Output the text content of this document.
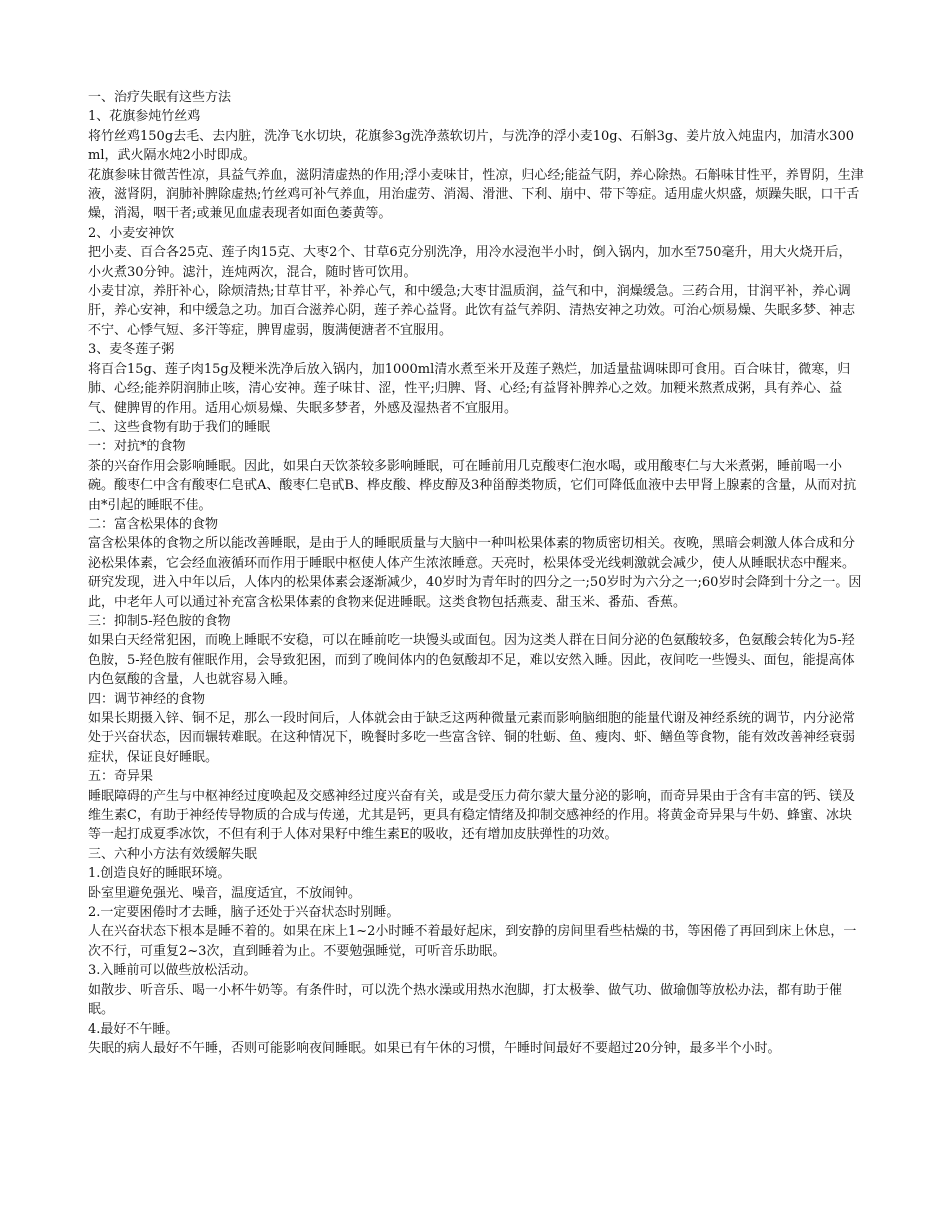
一、治疗失眠有这些方法

1、花旗参炖竹丝鸡

将竹丝鸡150g去毛、去内脏，洗净飞水切块，花旗参3g洗净蒸软切片，与洗净的浮小麦10g、石斛3g、姜片放入炖盅内，加清水300ml，武火隔水炖2小时即成。

花旗参味甘微苦性凉，具益气养血，滋阴清虚热的作用;浮小麦味甘，性凉，归心经;能益气阴，养心除热。石斛味甘性平，养胃阴，生津液，滋肾阴，润肺补脾除虚热;竹丝鸡可补气养血，用治虚劳、消渴、滑泄、下利、崩中、带下等症。适用虚火炽盛，烦躁失眠，口干舌燥，消渴，咽干者;或兼见血虚表现者如面色萎黄等。

2、小麦安神饮

把小麦、百合各25克、莲子肉15克、大枣2个、甘草6克分别洗净，用冷水浸泡半小时，倒入锅内，加水至750毫升，用大火烧开后，小火煮30分钟。滤汁，连炖两次，混合，随时皆可饮用。

小麦甘凉，养肝补心，除烦清热;甘草甘平，补养心气，和中缓急;大枣甘温质润，益气和中，润燥缓急。三药合用，甘润平补，养心调肝，养心安神，和中缓急之功。加百合滋养心阴，莲子养心益肾。此饮有益气养阴、清热安神之功效。可治心烦易燥、失眠多梦、神志不宁、心悸气短、多汗等症，脾胃虚弱，腹满便溏者不宜服用。

3、麦冬莲子粥

将百合15g、莲子肉15g及粳米洗净后放入锅内，加1000ml清水煮至米开及莲子熟烂，加适量盐调味即可食用。百合味甘，微寒，归肺、心经;能养阴润肺止咳，清心安神。莲子味甘、涩，性平;归脾、肾、心经;有益肾补脾养心之效。加粳米熬煮成粥，具有养心、益气、健脾胃的作用。适用心烦易燥、失眠多梦者，外感及湿热者不宜服用。

二、这些食物有助于我们的睡眠

一：对抗*的食物

茶的兴奋作用会影响睡眠。因此，如果白天饮茶较多影响睡眠，可在睡前用几克酸枣仁泡水喝，或用酸枣仁与大米煮粥，睡前喝一小碗。酸枣仁中含有酸枣仁皂甙A、酸枣仁皂甙B、桦皮酸、桦皮醇及3种甾醇类物质，它们可降低血液中去甲肾上腺素的含量，从而对抗由*引起的睡眠不佳。

二：富含松果体的食物

富含松果体的食物之所以能改善睡眠，是由于人的睡眠质量与大脑中一种叫松果体素的物质密切相关。夜晚，黑暗会刺激人体合成和分泌松果体素，它会经血液循环而作用于睡眠中枢使人体产生浓浓睡意。天亮时，松果体受光线刺激就会减少，使人从睡眠状态中醒来。

研究发现，进入中年以后，人体内的松果体素会逐渐减少，40岁时为青年时的四分之一;50岁时为六分之一;60岁时会降到十分之一。因此，中老年人可以通过补充富含松果体素的食物来促进睡眠。这类食物包括燕麦、甜玉米、番茄、香蕉。

三：抑制5-羟色胺的食物

如果白天经常犯困，而晚上睡眠不安稳，可以在睡前吃一块馒头或面包。因为这类人群在日间分泌的色氨酸较多，色氨酸会转化为5-羟色胺，5-羟色胺有催眠作用，会导致犯困，而到了晚间体内的色氨酸却不足，难以安然入睡。因此，夜间吃一些馒头、面包，能提高体内色氨酸的含量，人也就容易入睡。

四：调节神经的食物

如果长期摄入锌、铜不足，那么一段时间后，人体就会由于缺乏这两种微量元素而影响脑细胞的能量代谢及神经系统的调节，内分泌常处于兴奋状态，因而辗转难眠。在这种情况下，晚餐时多吃一些富含锌、铜的牡蛎、鱼、瘦肉、虾、鳝鱼等食物，能有效改善神经衰弱症状，保证良好睡眠。

五：奇异果

睡眠障碍的产生与中枢神经过度唤起及交感神经过度兴奋有关，或是受压力荷尔蒙大量分泌的影响，而奇异果由于含有丰富的钙、镁及维生素C，有助于神经传导物质的合成与传递，尤其是钙，更具有稳定情绪及抑制交感神经的作用。将黄金奇异果与牛奶、蜂蜜、冰块等一起打成夏季冰饮，不但有利于人体对果籽中维生素E的吸收，还有增加皮肤弹性的功效。

三、六种小方法有效缓解失眠

1.创造良好的睡眠环境。

卧室里避免强光、噪音，温度适宜，不放闹钟。

2.一定要困倦时才去睡，脑子还处于兴奋状态时别睡。

人在兴奋状态下根本是睡不着的。如果在床上1~2小时睡不着最好起床，到安静的房间里看些枯燥的书，等困倦了再回到床上休息，一次不行，可重复2~3次，直到睡着为止。不要勉强睡觉，可听音乐助眠。

3.入睡前可以做些放松活动。

如散步、听音乐、喝一小杯牛奶等。有条件时，可以洗个热水澡或用热水泡脚，打太极拳、做气功、做瑜伽等放松办法，都有助于催眠。

4.最好不午睡。

失眠的病人最好不午睡，否则可能影响夜间睡眠。如果已有午休的习惯，午睡时间最好不要超过20分钟，最多半个小时。
